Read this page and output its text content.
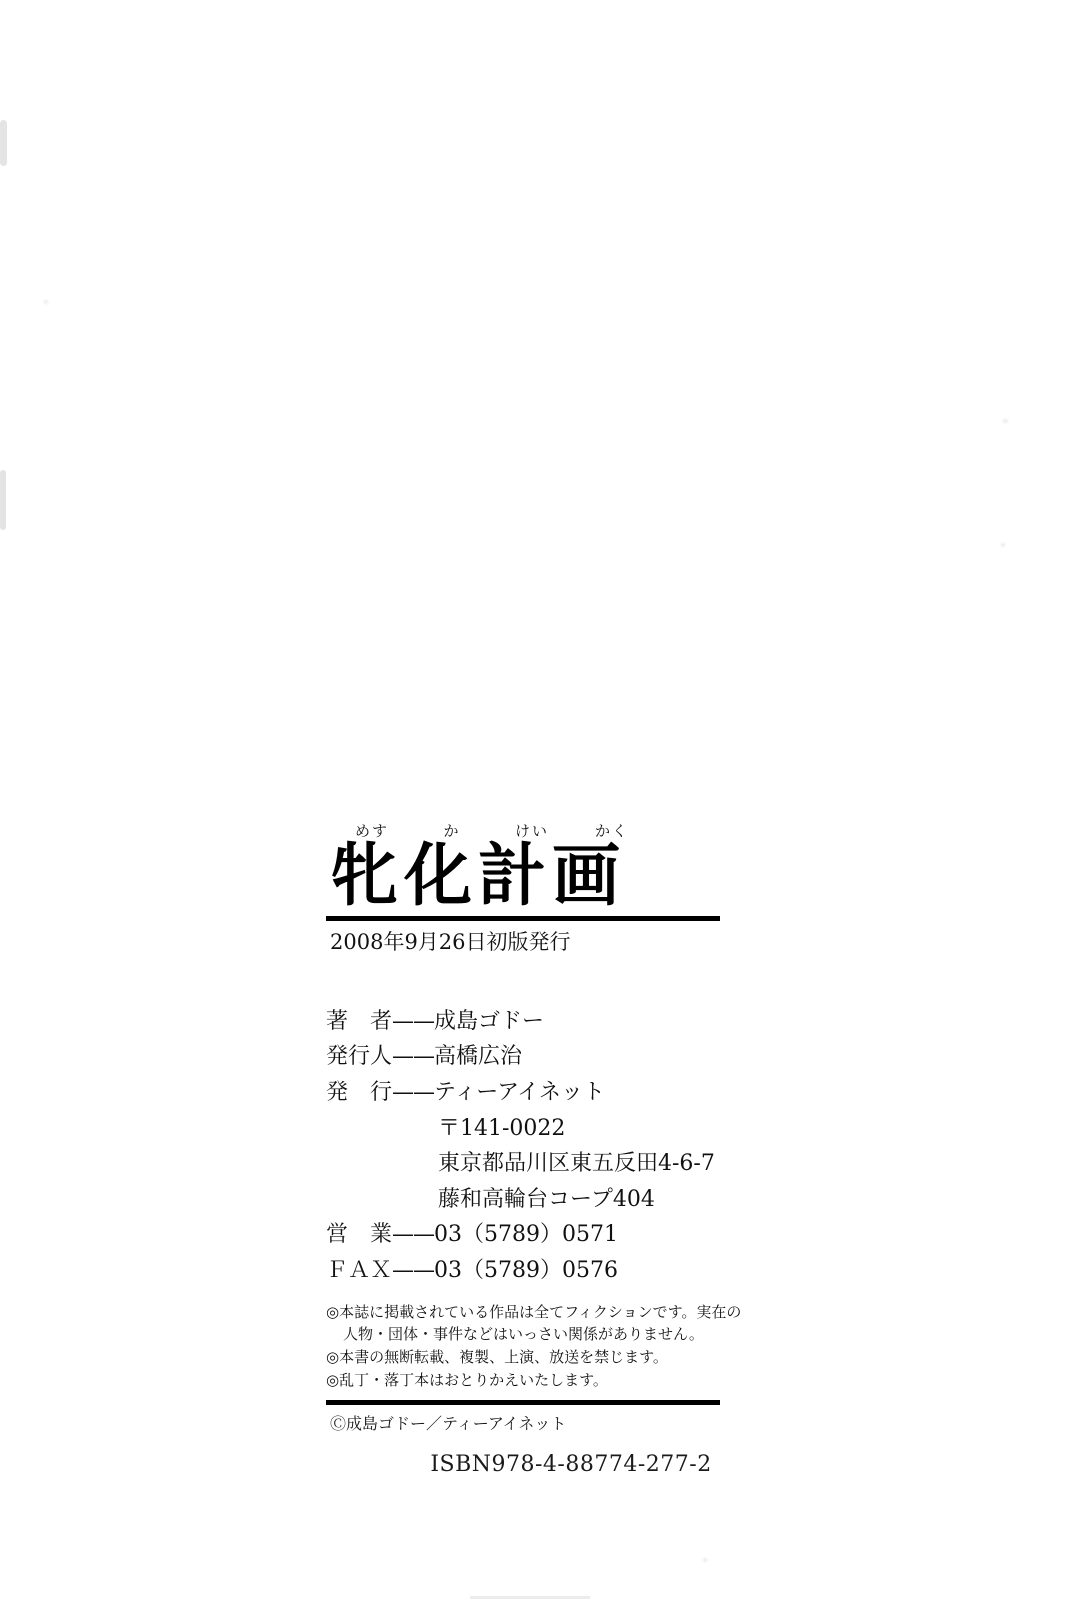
めす	か	けい	かく
牝化計画
2008年9月26日初版発行
著　者——成島ゴドー
発行人——高橋広治
発　行——ティーアイネット
〒141-0022
東京都品川区東五反田4-6-7
藤和高輪台コープ404
営　業——03（5789）0571
ＦＡＸ——03（5789）0576
◎本誌に掲載されている作品は全てフィクションです。実在の
人物・団体・事件などはいっさい関係がありません。
◎本書の無断転載、複製、上演、放送を禁じます。
◎乱丁・落丁本はおとりかえいたします。
Ⓒ成島ゴドー／ティーアイネット
ISBN978-4-88774-277-2
